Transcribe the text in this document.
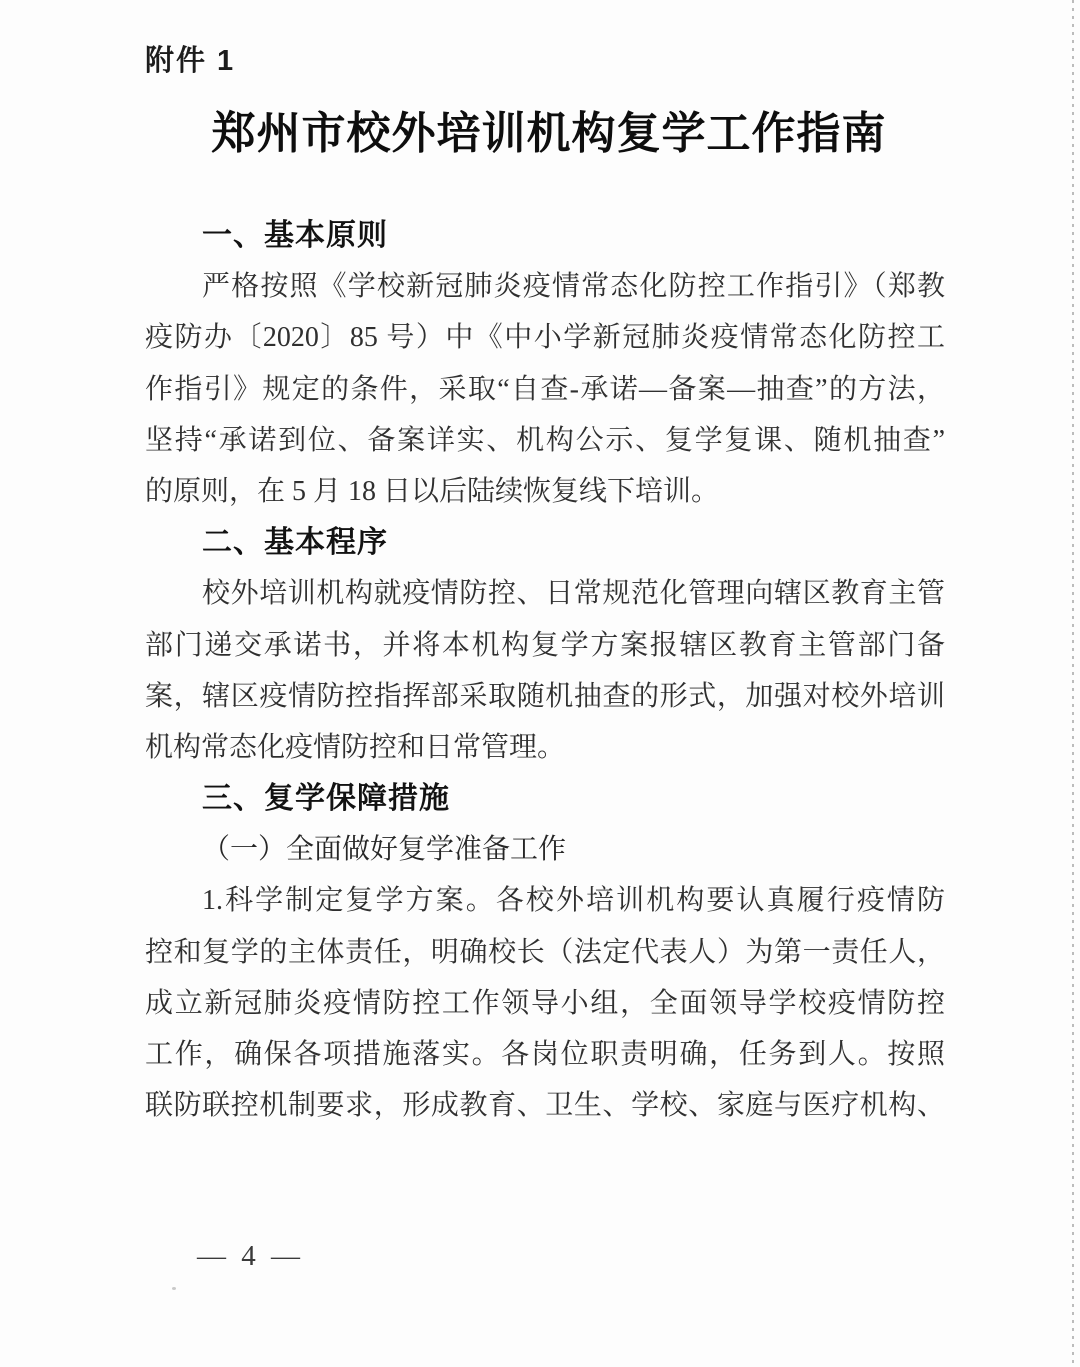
附件 1
郑州市校外培训机构复学工作指南
一、基本原则
严格按照《学校新冠肺炎疫情常态化防控工作指引》（郑教
疫防办〔2020〕85 号）中《中小学新冠肺炎疫情常态化防控工
作指引》规定的条件，采取“自查-承诺—备案—抽查”的方法，
坚持“承诺到位、备案详实、机构公示、复学复课、随机抽查”
的原则，在 5 月 18 日以后陆续恢复线下培训。
二、基本程序
校外培训机构就疫情防控、日常规范化管理向辖区教育主管
部门递交承诺书，并将本机构复学方案报辖区教育主管部门备
案，辖区疫情防控指挥部采取随机抽查的形式，加强对校外培训
机构常态化疫情防控和日常管理。
三、复学保障措施
（一）全面做好复学准备工作
1.科学制定复学方案。各校外培训机构要认真履行疫情防
控和复学的主体责任，明确校长（法定代表人）为第一责任人，
成立新冠肺炎疫情防控工作领导小组，全面领导学校疫情防控
工作，确保各项措施落实。各岗位职责明确，任务到人。按照
联防联控机制要求，形成教育、卫生、学校、家庭与医疗机构、
— 4 —
